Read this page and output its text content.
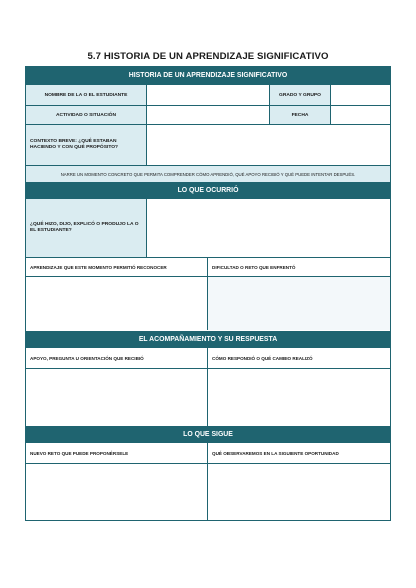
5.7 HISTORIA DE UN APRENDIZAJE SIGNIFICATIVO
HISTORIA DE UN APRENDIZAJE SIGNIFICATIVO
NOMBRE DE LA O EL ESTUDIANTE	GRADO Y GRUPO
ACTIVIDAD O SITUACIÓN	FECHA
CONTEXTO BREVE: ¿QUÉ ESTABAN HACIENDO Y CON QUÉ PROPÓSITO?
NARRE UN MOMENTO CONCRETO QUE PERMITA COMPRENDER CÓMO APRENDIÓ, QUÉ APOYO RECIBIÓ Y QUÉ PUEDE INTENTAR DESPUÉS.
LO QUE OCURRIÓ
¿QUÉ HIZO, DIJO, EXPLICÓ O PRODUJO LA O EL ESTUDIANTE?
APRENDIZAJE QUE ESTE MOMENTO PERMITIÓ RECONOCER	DIFICULTAD O RETO QUE ENFRENTÓ
EL ACOMPAÑAMIENTO Y SU RESPUESTA
APOYO, PREGUNTA U ORIENTACIÓN QUE RECIBIÓ	CÓMO RESPONDIÓ O QUÉ CAMBIO REALIZÓ
LO QUE SIGUE
NUEVO RETO QUE PUEDE PROPONÉRSELE	QUÉ OBSERVAREMOS EN LA SIGUIENTE OPORTUNIDAD
